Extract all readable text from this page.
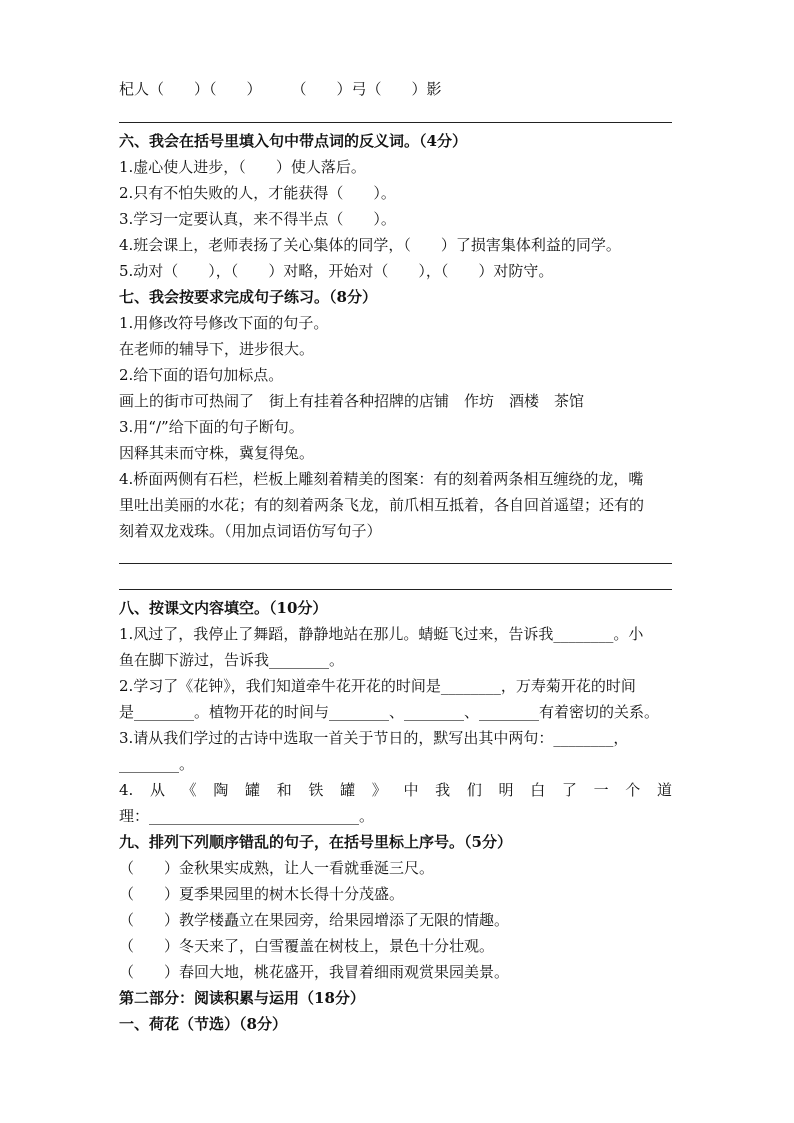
杞人（　　）（　　）　　　（　　）弓（　　）影
六、我会在括号里填入句中带点词的反义词。（4分）
1.虚心使人进步，（　　）使人落后。
2.只有不怕失败的人，才能获得（　　）。
3.学习一定要认真，来不得半点（　　）。
4.班会课上，老师表扬了关心集体的同学，（　　）了损害集体利益的同学。
5.动对（　　），（　　）对略，开始对（　　），（　　）对防守。
七、我会按要求完成句子练习。（8分）
1.用修改符号修改下面的句子。
在老师的辅导下，进步很大。
2.给下面的语句加标点。
画上的街市可热闹了　街上有挂着各种招牌的店铺　作坊　酒楼　茶馆
3.用“/”给下面的句子断句。
因释其耒而守株，冀复得兔。
4.桥面两侧有石栏，栏板上雕刻着精美的图案：有的刻着两条相互缠绕的龙，嘴
里吐出美丽的水花；有的刻着两条飞龙，前爪相互抵着，各自回首遥望；还有的
刻着双龙戏珠。（用加点词语仿写句子）
八、按课文内容填空。（10分）
1.风过了，我停止了舞蹈，静静地站在那儿。蜻蜓飞过来，告诉我________。小
鱼在脚下游过，告诉我________。
2.学习了《花钟》，我们知道牵牛花开花的时间是________，万寿菊开花的时间
是________。植物开花的时间与________、________、________有着密切的关系。
3.请从我们学过的古诗中选取一首关于节日的，默写出其中两句：________，
________。
4.从《陶罐和铁罐》中我们明白了一个道
理：____________________________。
九、排列下列顺序错乱的句子，在括号里标上序号。（5分）
（　　）金秋果实成熟，让人一看就垂涎三尺。
（　　）夏季果园里的树木长得十分茂盛。
（　　）教学楼矗立在果园旁，给果园增添了无限的情趣。
（　　）冬天来了，白雪覆盖在树枝上，景色十分壮观。
（　　）春回大地，桃花盛开，我冒着细雨观赏果园美景。
第二部分：阅读积累与运用（18分）
一、荷花（节选）（8分）
